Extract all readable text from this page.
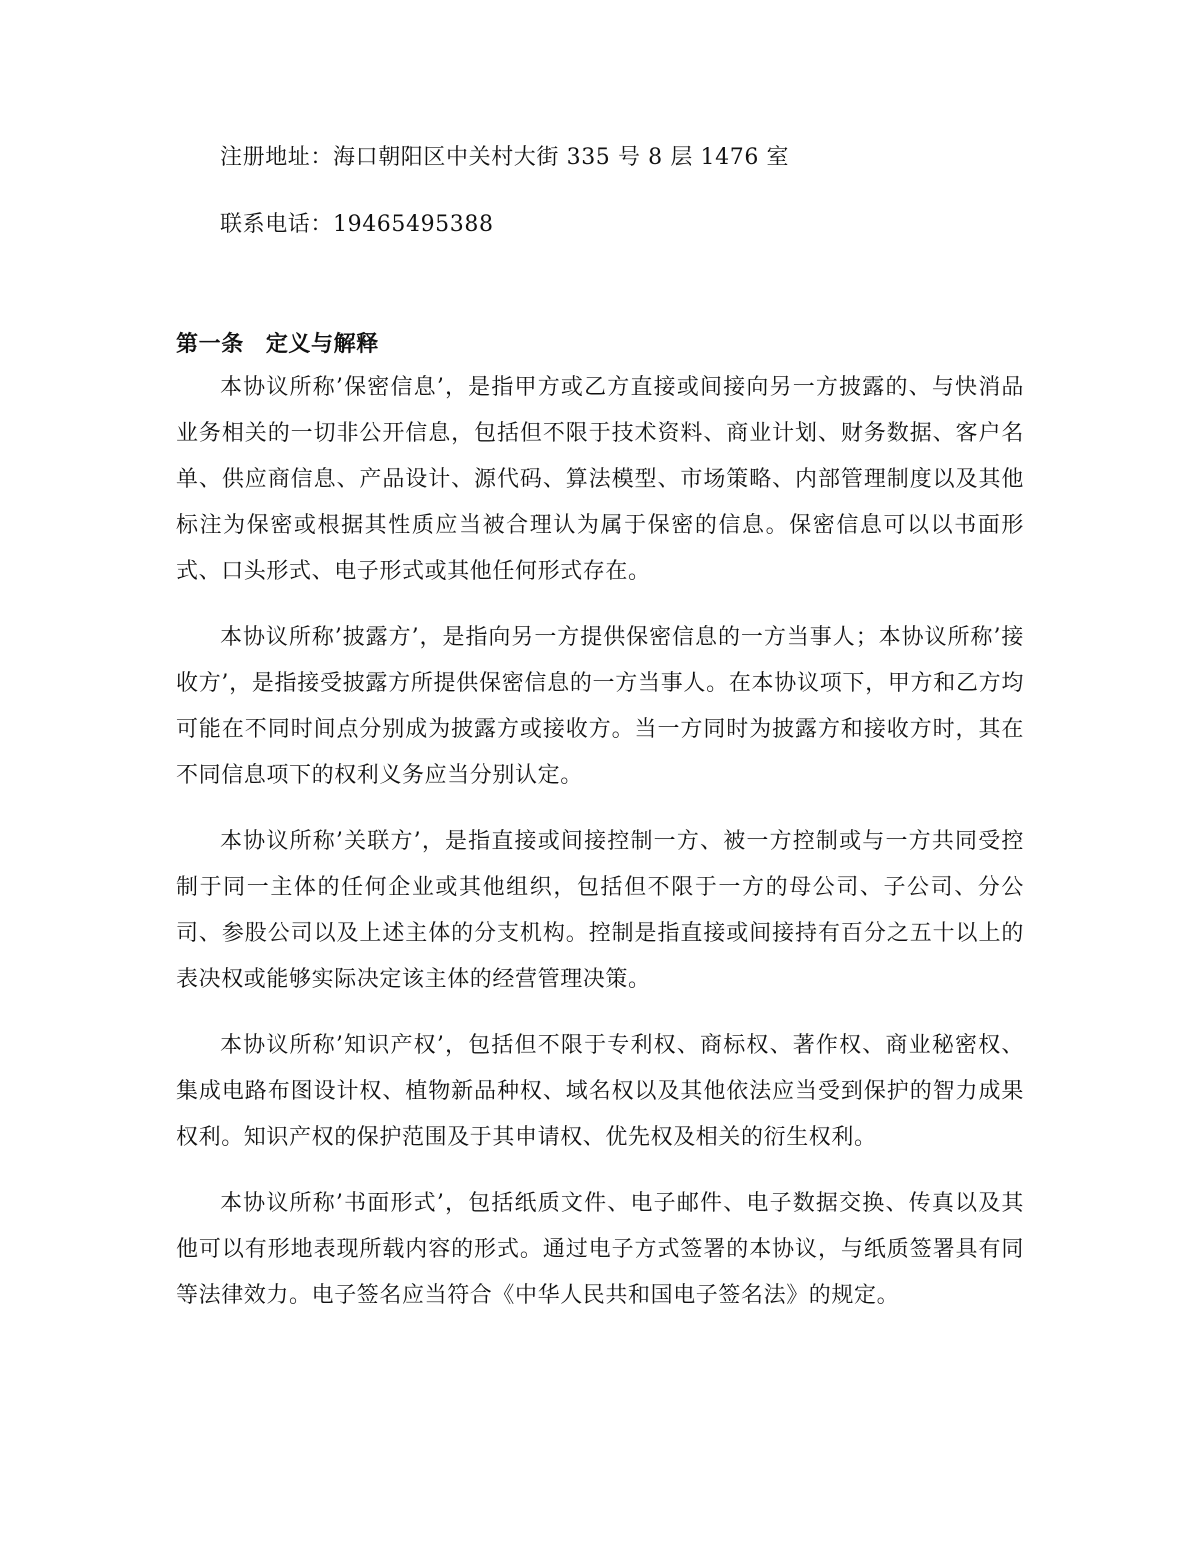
注册地址：海口朝阳区中关村大街 335 号 8 层 1476 室

联系电话：19465495388

第一条 定义与解释

本协议所称’保密信息’，是指甲方或乙方直接或间接向另一方披露的、与快消品业务相关的一切非公开信息，包括但不限于技术资料、商业计划、财务数据、客户名单、供应商信息、产品设计、源代码、算法模型、市场策略、内部管理制度以及其他标注为保密或根据其性质应当被合理认为属于保密的信息。保密信息可以以书面形式、口头形式、电子形式或其他任何形式存在。

本协议所称’披露方’，是指向另一方提供保密信息的一方当事人；本协议所称’接收方’，是指接受披露方所提供保密信息的一方当事人。在本协议项下，甲方和乙方均可能在不同时间点分别成为披露方或接收方。当一方同时为披露方和接收方时，其在不同信息项下的权利义务应当分别认定。

本协议所称’关联方’，是指直接或间接控制一方、被一方控制或与一方共同受控制于同一主体的任何企业或其他组织，包括但不限于一方的母公司、子公司、分公司、参股公司以及上述主体的分支机构。控制是指直接或间接持有百分之五十以上的表决权或能够实际决定该主体的经营管理决策。

本协议所称’知识产权’，包括但不限于专利权、商标权、著作权、商业秘密权、集成电路布图设计权、植物新品种权、域名权以及其他依法应当受到保护的智力成果权利。知识产权的保护范围及于其申请权、优先权及相关的衍生权利。

本协议所称’书面形式’，包括纸质文件、电子邮件、电子数据交换、传真以及其他可以有形地表现所载内容的形式。通过电子方式签署的本协议，与纸质签署具有同等法律效力。电子签名应当符合《中华人民共和国电子签名法》的规定。
